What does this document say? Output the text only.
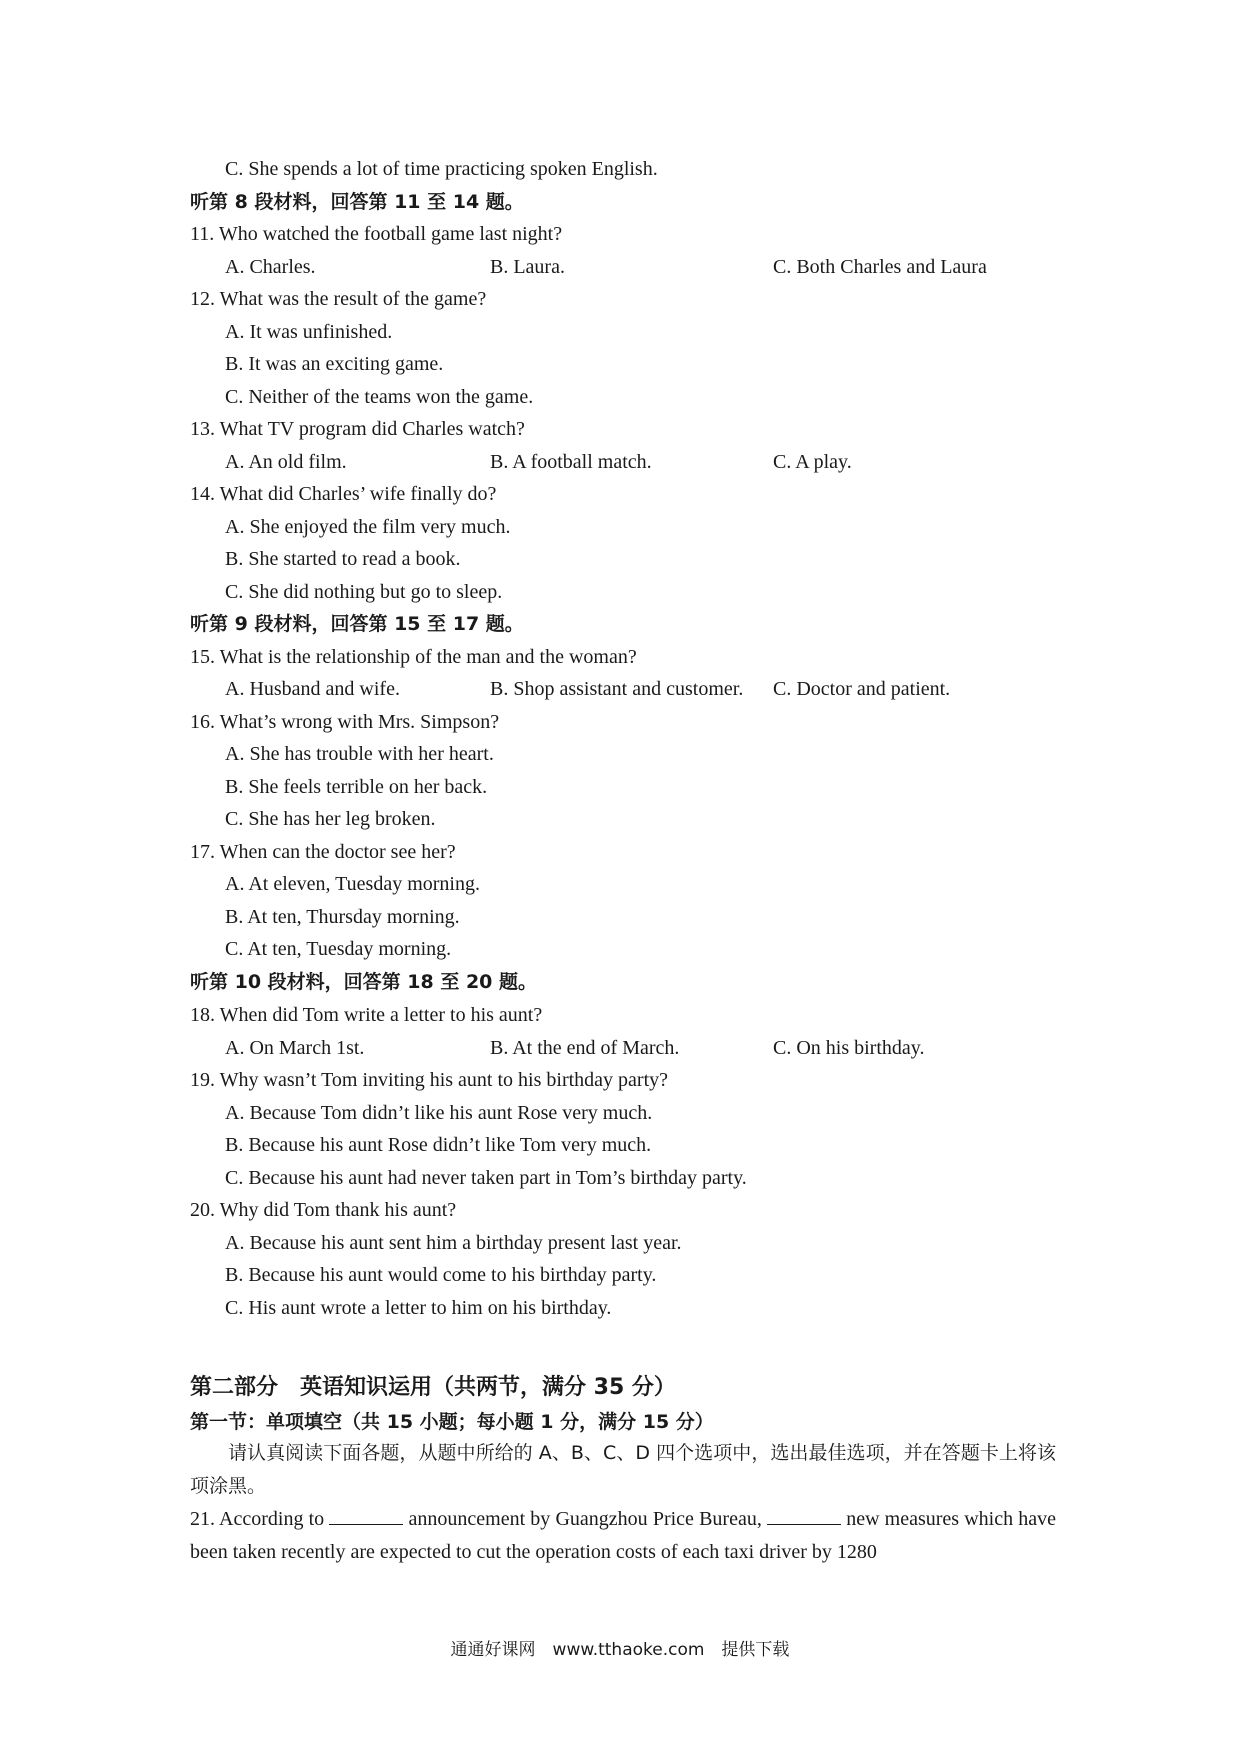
C. She spends a lot of time practicing spoken English.
听第 8 段材料，回答第 11 至 14 题。
11. Who watched the football game last night?
A. Charles.	B. Laura.	C. Both Charles and Laura
12. What was the result of the game?
A. It was unfinished.
B. It was an exciting game.
C. Neither of the teams won the game.
13. What TV program did Charles watch?
A. An old film.	B. A football match.	C. A play.
14. What did Charles’ wife finally do?
A. She enjoyed the film very much.
B. She started to read a book.
C. She did nothing but go to sleep.
听第 9 段材料，回答第 15 至 17 题。
15. What is the relationship of the man and the woman?
A. Husband and wife.	B. Shop assistant and customer. C. Doctor and patient.
16. What’s wrong with Mrs. Simpson?
A. She has trouble with her heart.
B. She feels terrible on her back.
C. She has her leg broken.
17. When can the doctor see her?
A. At eleven, Tuesday morning.
B. At ten, Thursday morning.
C. At ten, Tuesday morning.
听第 10 段材料，回答第 18 至 20 题。
18. When did Tom write a letter to his aunt?
A. On March 1st.	B. At the end of March.	C. On his birthday.
19. Why wasn’t Tom inviting his aunt to his birthday party?
A. Because Tom didn’t like his aunt Rose very much.
B. Because his aunt Rose didn’t like Tom very much.
C. Because his aunt had never taken part in Tom’s birthday party.
20. Why did Tom thank his aunt?
A. Because his aunt sent him a birthday present last year.
B. Because his aunt would come to his birthday party.
C. His aunt wrote a letter to him on his birthday.
第二部分　英语知识运用（共两节，满分 35 分）
第一节：单项填空（共 15 小题；每小题 1 分，满分 15 分）
请认真阅读下面各题，从题中所给的 A、B、C、D 四个选项中，选出最佳选项，并在答题卡上将该项涂黑。
21. According to	announcement by Guangzhou Price Bureau,	new measures which have been taken recently are expected to cut the operation costs of each taxi driver by 1280
通通好课网　www.tthaoke.com　提供下载
